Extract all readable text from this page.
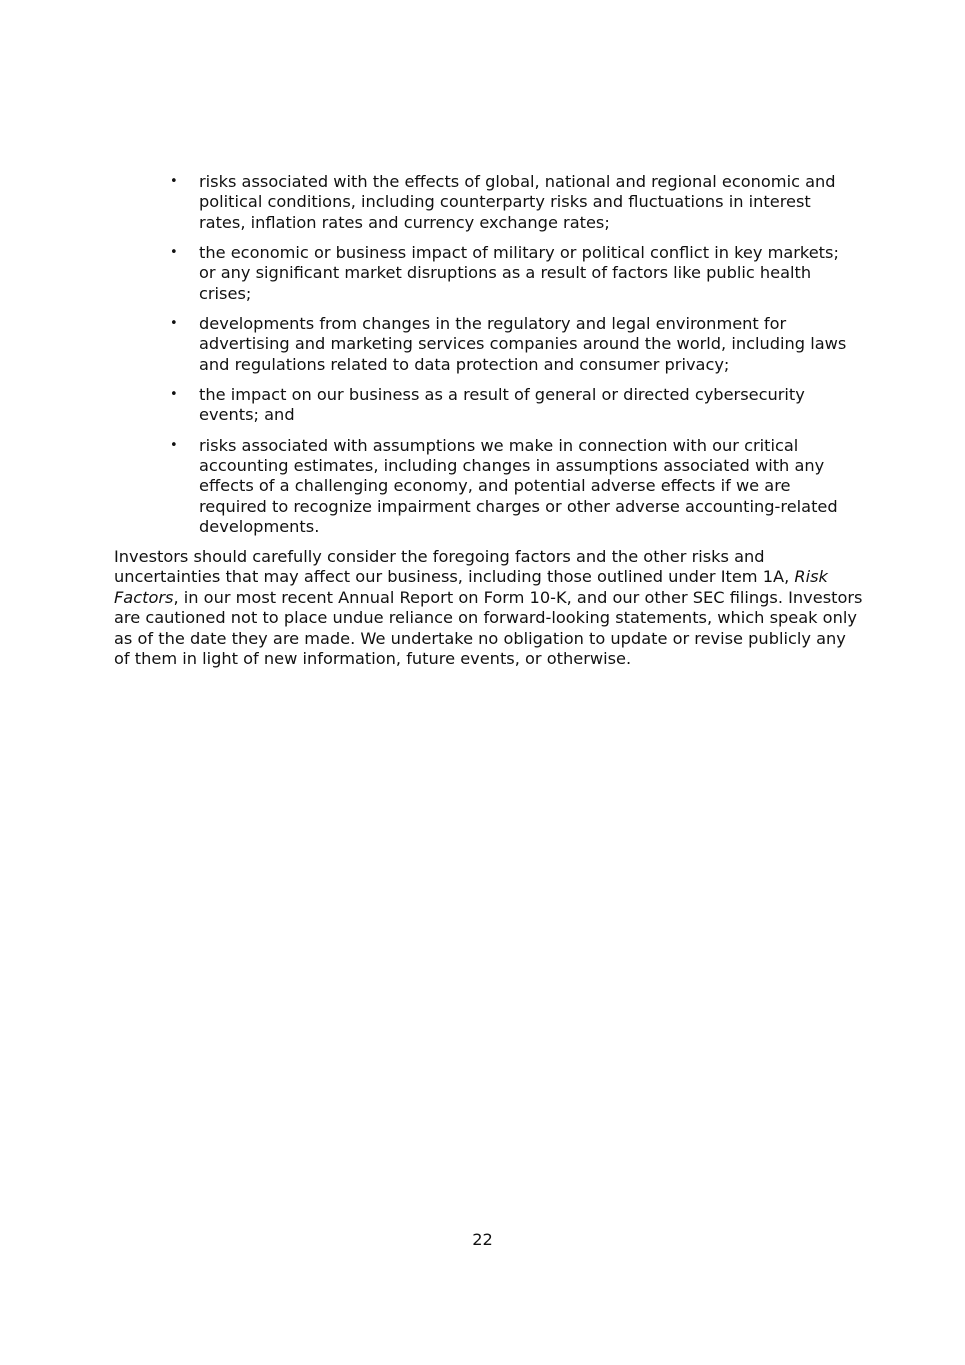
• risks associated with the effects of global, national and regional economic and political conditions, including counterparty risks and fluctuations in interest rates, inflation rates and currency exchange rates;
• the economic or business impact of military or political conflict in key markets; or any significant market disruptions as a result of factors like public health crises;
• developments from changes in the regulatory and legal environment for advertising and marketing services companies around the world, including laws and regulations related to data protection and consumer privacy;
• the impact on our business as a result of general or directed cybersecurity events; and
• risks associated with assumptions we make in connection with our critical accounting estimates, including changes in assumptions associated with any effects of a challenging economy, and potential adverse effects if we are required to recognize impairment charges or other adverse accounting-related developments.

Investors should carefully consider the foregoing factors and the other risks and uncertainties that may affect our business, including those outlined under Item 1A, Risk Factors, in our most recent Annual Report on Form 10-K, and our other SEC filings. Investors are cautioned not to place undue reliance on forward-looking statements, which speak only as of the date they are made. We undertake no obligation to update or revise publicly any of them in light of new information, future events, or otherwise.

22
